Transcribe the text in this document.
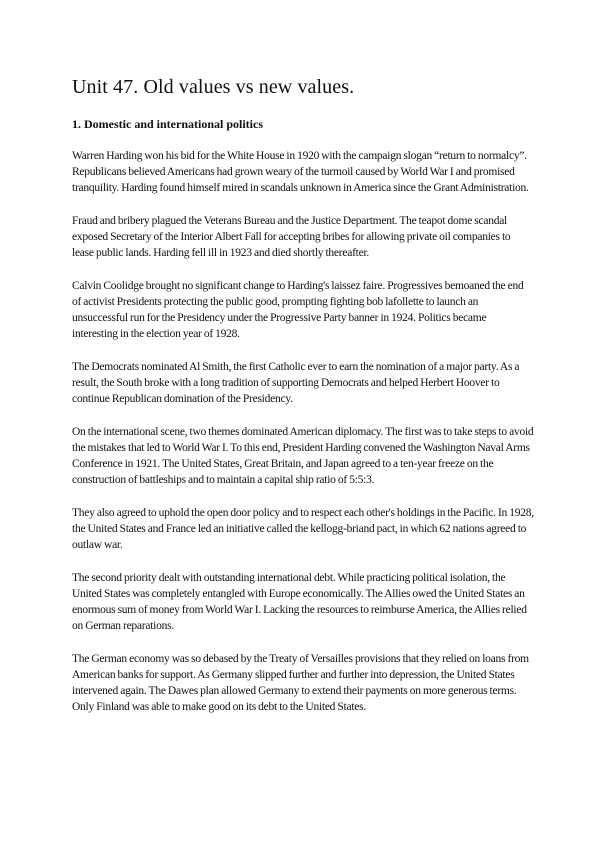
Unit 47. Old values vs new values.
1. Domestic and international politics

Warren Harding won his bid for the White House in 1920 with the campaign slogan “return to normalcy”. Republicans believed Americans had grown weary of the turmoil caused by World War I and promised tranquility. Harding found himself mired in scandals unknown in America since the Grant Administration.

Fraud and bribery plagued the Veterans Bureau and the Justice Department. The teapot dome scandal exposed Secretary of the Interior Albert Fall for accepting bribes for allowing private oil companies to lease public lands. Harding fell ill in 1923 and died shortly thereafter.

Calvin Coolidge brought no significant change to Harding's laissez faire. Progressives bemoaned the end of activist Presidents protecting the public good, prompting fighting bob lafollette to launch an unsuccessful run for the Presidency under the Progressive Party banner in 1924. Politics became interesting in the election year of 1928.

The Democrats nominated Al Smith, the first Catholic ever to earn the nomination of a major party. As a result, the South broke with a long tradition of supporting Democrats and helped Herbert Hoover to continue Republican domination of the Presidency.

On the international scene, two themes dominated American diplomacy. The first was to take steps to avoid the mistakes that led to World War I. To this end, President Harding convened the Washington Naval Arms Conference in 1921. The United States, Great Britain, and Japan agreed to a ten-year freeze on the construction of battleships and to maintain a capital ship ratio of 5:5:3.

They also agreed to uphold the open door policy and to respect each other's holdings in the Pacific. In 1928, the United States and France led an initiative called the kellogg-briand pact, in which 62 nations agreed to outlaw war.

The second priority dealt with outstanding international debt. While practicing political isolation, the United States was completely entangled with Europe economically. The Allies owed the United States an enormous sum of money from World War I. Lacking the resources to reimburse America, the Allies relied on German reparations.

The German economy was so debased by the Treaty of Versailles provisions that they relied on loans from American banks for support. As Germany slipped further and further into depression, the United States intervened again. The Dawes plan allowed Germany to extend their payments on more generous terms. Only Finland was able to make good on its debt to the United States.
